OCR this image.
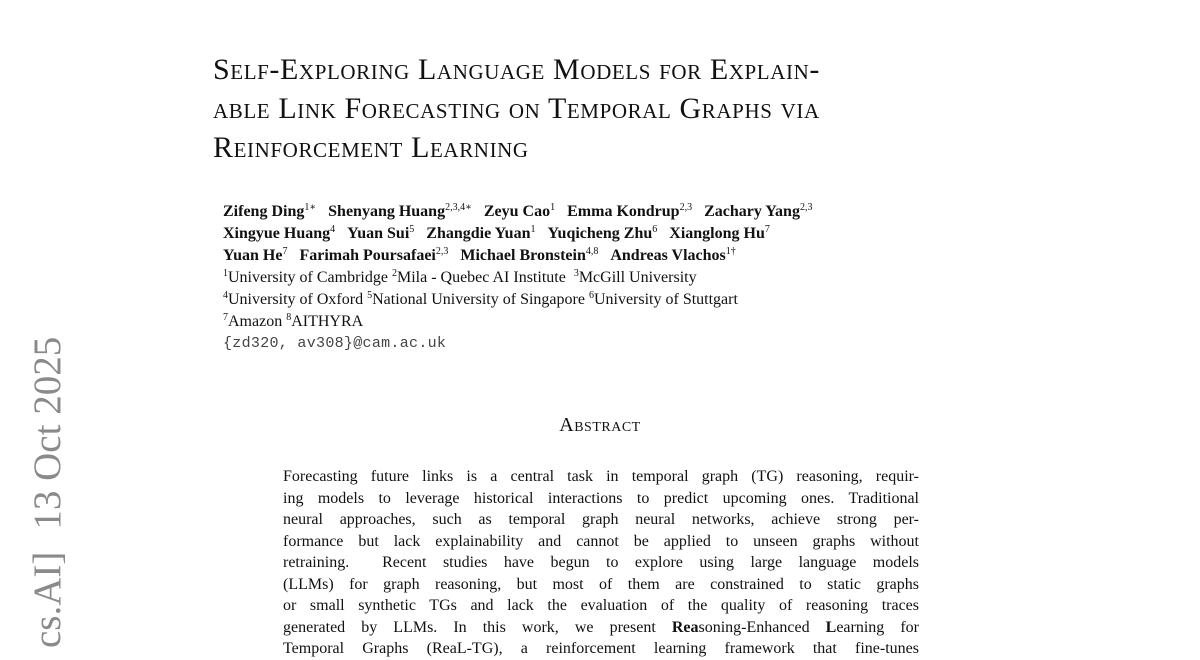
cs.AI]13 Oct 2025
Self-Exploring Language Models for Explain-
able Link Forecasting on Temporal Graphs via
Reinforcement Learning
Zifeng Ding$^{1∗}$ Shenyang Huang$^{2,3,4∗}$ Zeyu Cao$^1$ Emma Kondrup$^{2,3}$ Zachary Yang$^{2,3}$
Xingyue Huang$^4$ Yuan Sui$^5$ Zhangdie Yuan$^1$ Yuqicheng Zhu$^6$ Xianglong Hu$^7$
Yuan He$^7$ Farimah Poursafaei$^{2,3}$ Michael Bronstein$^{4,8}$ Andreas Vlachos$^{1\dagger}$
$^1$University of Cambridge $^2$Mila - Quebec AI Institute  $^3$McGill University
$^4$University of Oxford $^5$National University of Singapore $^6$University of Stuttgart
$^7$Amazon $^8$AITHYRA
{zd320, av308}@cam.ac.uk
Abstract
Forecasting future links is a central task in temporal graph (TG) reasoning, requir-
ing models to leverage historical interactions to predict upcoming ones. Traditional
neural approaches, such as temporal graph neural networks, achieve strong per-
formance but lack explainability and cannot be applied to unseen graphs without
retraining.  Recent studies have begun to explore using large language models
(LLMs) for graph reasoning, but most of them are constrained to static graphs
or small synthetic TGs and lack the evaluation of the quality of reasoning traces
generated by LLMs. In this work, we present Reasoning-Enhanced Learning for
Temporal Graphs (ReaL-TG), a reinforcement learning framework that fine-tunes
